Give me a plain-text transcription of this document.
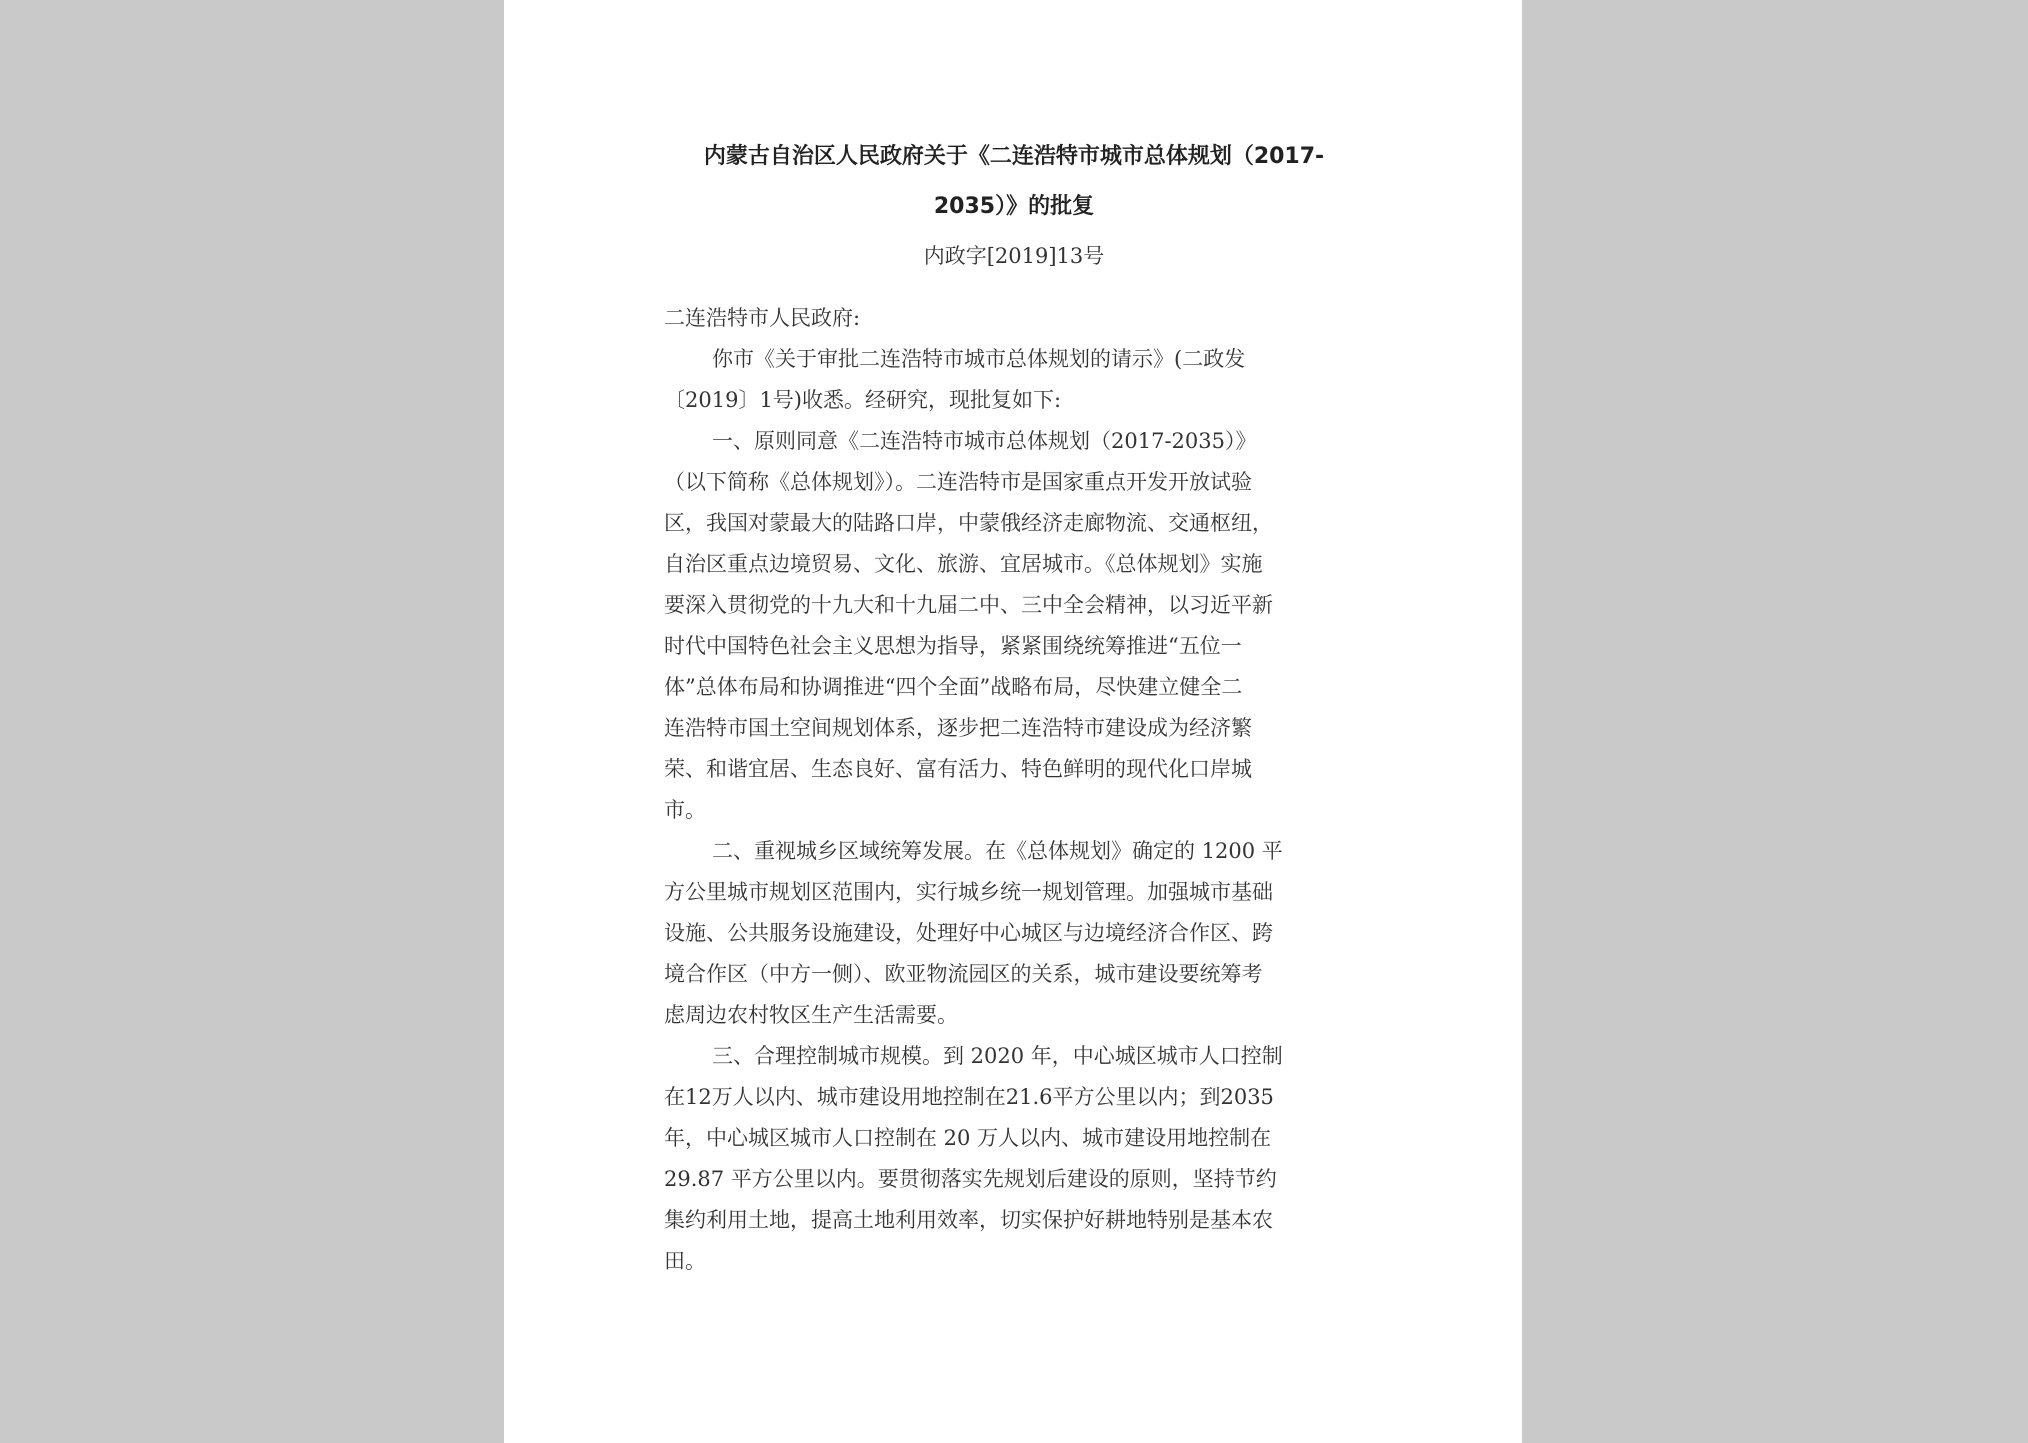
内蒙古自治区人民政府关于《二连浩特市城市总体规划（2017-
2035）》的批复
内政字[2019]13号

二连浩特市人民政府:

你市《关于审批二连浩特市城市总体规划的请示》(二政发
〔2019〕1号)收悉。经研究，现批复如下:

一、原则同意《二连浩特市城市总体规划（2017-2035）》
（以下简称《总体规划》）。二连浩特市是国家重点开发开放试验
区，我国对蒙最大的陆路口岸，中蒙俄经济走廊物流、交通枢纽，
自治区重点边境贸易、文化、旅游、宜居城市。《总体规划》实施
要深入贯彻党的十九大和十九届二中、三中全会精神，以习近平新
时代中国特色社会主义思想为指导，紧紧围绕统筹推进“五位一
体”总体布局和协调推进“四个全面”战略布局，尽快建立健全二
连浩特市国土空间规划体系，逐步把二连浩特市建设成为经济繁
荣、和谐宜居、生态良好、富有活力、特色鲜明的现代化口岸城
市。

二、重视城乡区域统筹发展。在《总体规划》确定的 1200 平
方公里城市规划区范围内，实行城乡统一规划管理。加强城市基础
设施、公共服务设施建设，处理好中心城区与边境经济合作区、跨
境合作区（中方一侧）、欧亚物流园区的关系，城市建设要统筹考
虑周边农村牧区生产生活需要。

三、合理控制城市规模。到 2020 年，中心城区城市人口控制
在12万人以内、城市建设用地控制在21.6平方公里以内；到2035
年，中心城区城市人口控制在 20 万人以内、城市建设用地控制在
29.87 平方公里以内。要贯彻落实先规划后建设的原则，坚持节约
集约利用土地，提高土地利用效率，切实保护好耕地特别是基本农
田。
